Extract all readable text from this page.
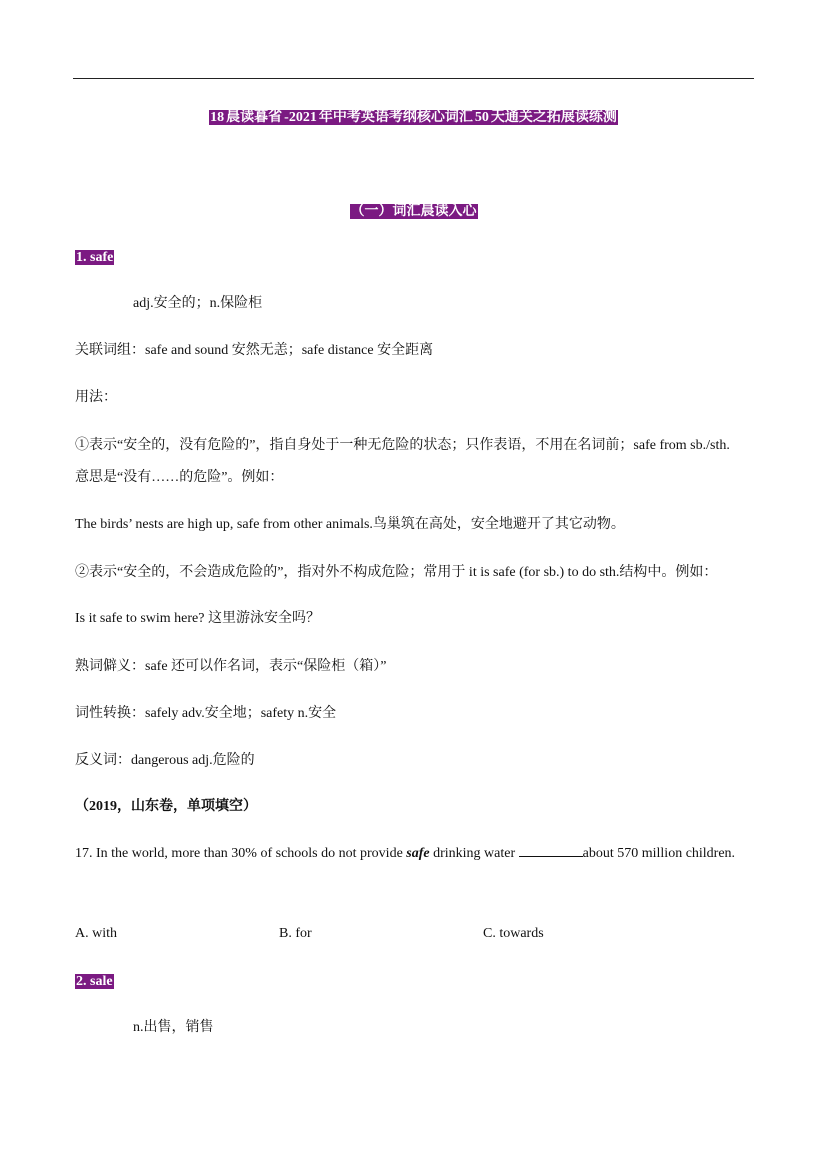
18 晨读暮省 -2021 年中考英语考纲核心词汇 50 天通关之拓展读练测
（一）词汇晨读入心
1. safe
adj.安全的；n.保险柜
关联词组：safe and sound 安然无恙；safe distance 安全距离
用法：
①表示“安全的，没有危险的”，指自身处于一种无危险的状态；只作表语，不用在名词前；safe from sb./sth.
意思是“没有……的危险”。例如：
The birds’ nests are high up, safe from other animals.鸟巢筑在高处，安全地避开了其它动物。
②表示“安全的，不会造成危险的”，指对外不构成危险；常用于 it is safe (for sb.) to do sth.结构中。例如：
Is it safe to swim here? 这里游泳安全吗？
熟词僻义：safe 还可以作名词，表示“保险柜（箱）”
词性转换：safely adv.安全地；safety n.安全
反义词：dangerous adj.危险的
（2019，山东卷，单项填空）
17. In the world, more than 30% of schools do not provide safe drinking water	about 570 million children.
A. with	B. for	C. towards
2. sale
n.出售，销售
